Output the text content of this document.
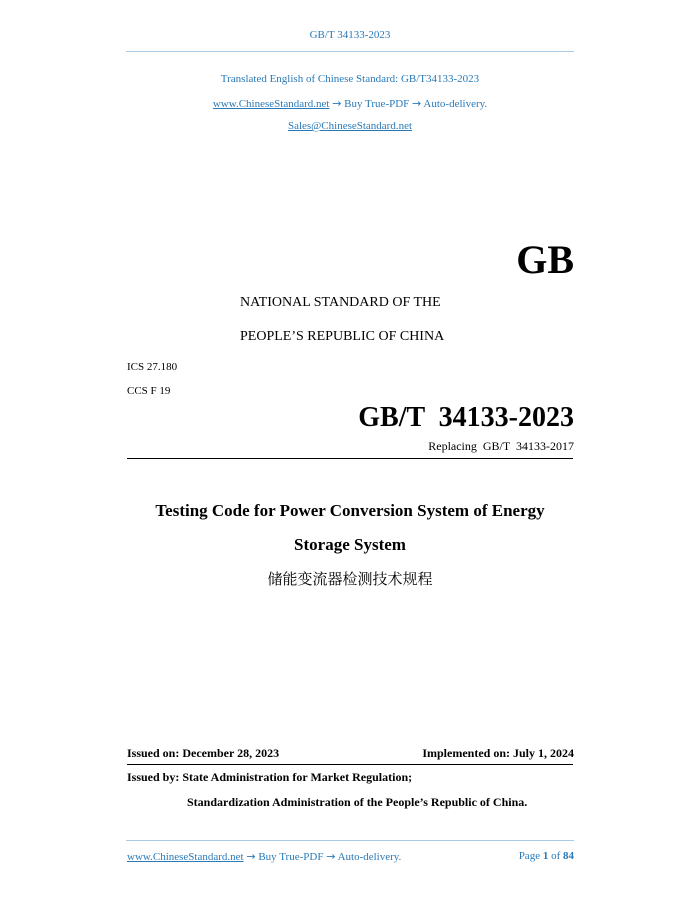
GB/T 34133-2023
Translated English of Chinese Standard: GB/T34133-2023
www.ChineseStandard.net → Buy True-PDF → Auto-delivery.
Sales@ChineseStandard.net
GB
NATIONAL STANDARD OF THE
PEOPLE’S REPUBLIC OF CHINA
ICS 27.180
CCS F 19
GB/T  34133-2023
Replacing  GB/T  34133-2017
Testing Code for Power Conversion System of Energy
Storage System
储能变流器检测技术规程
Issued on: December 28, 2023	Implemented on: July 1, 2024
Issued by: State Administration for Market Regulation;
Standardization Administration of the People’s Republic of China.
www.ChineseStandard.net → Buy True-PDF → Auto-delivery.	Page 1 of 84
